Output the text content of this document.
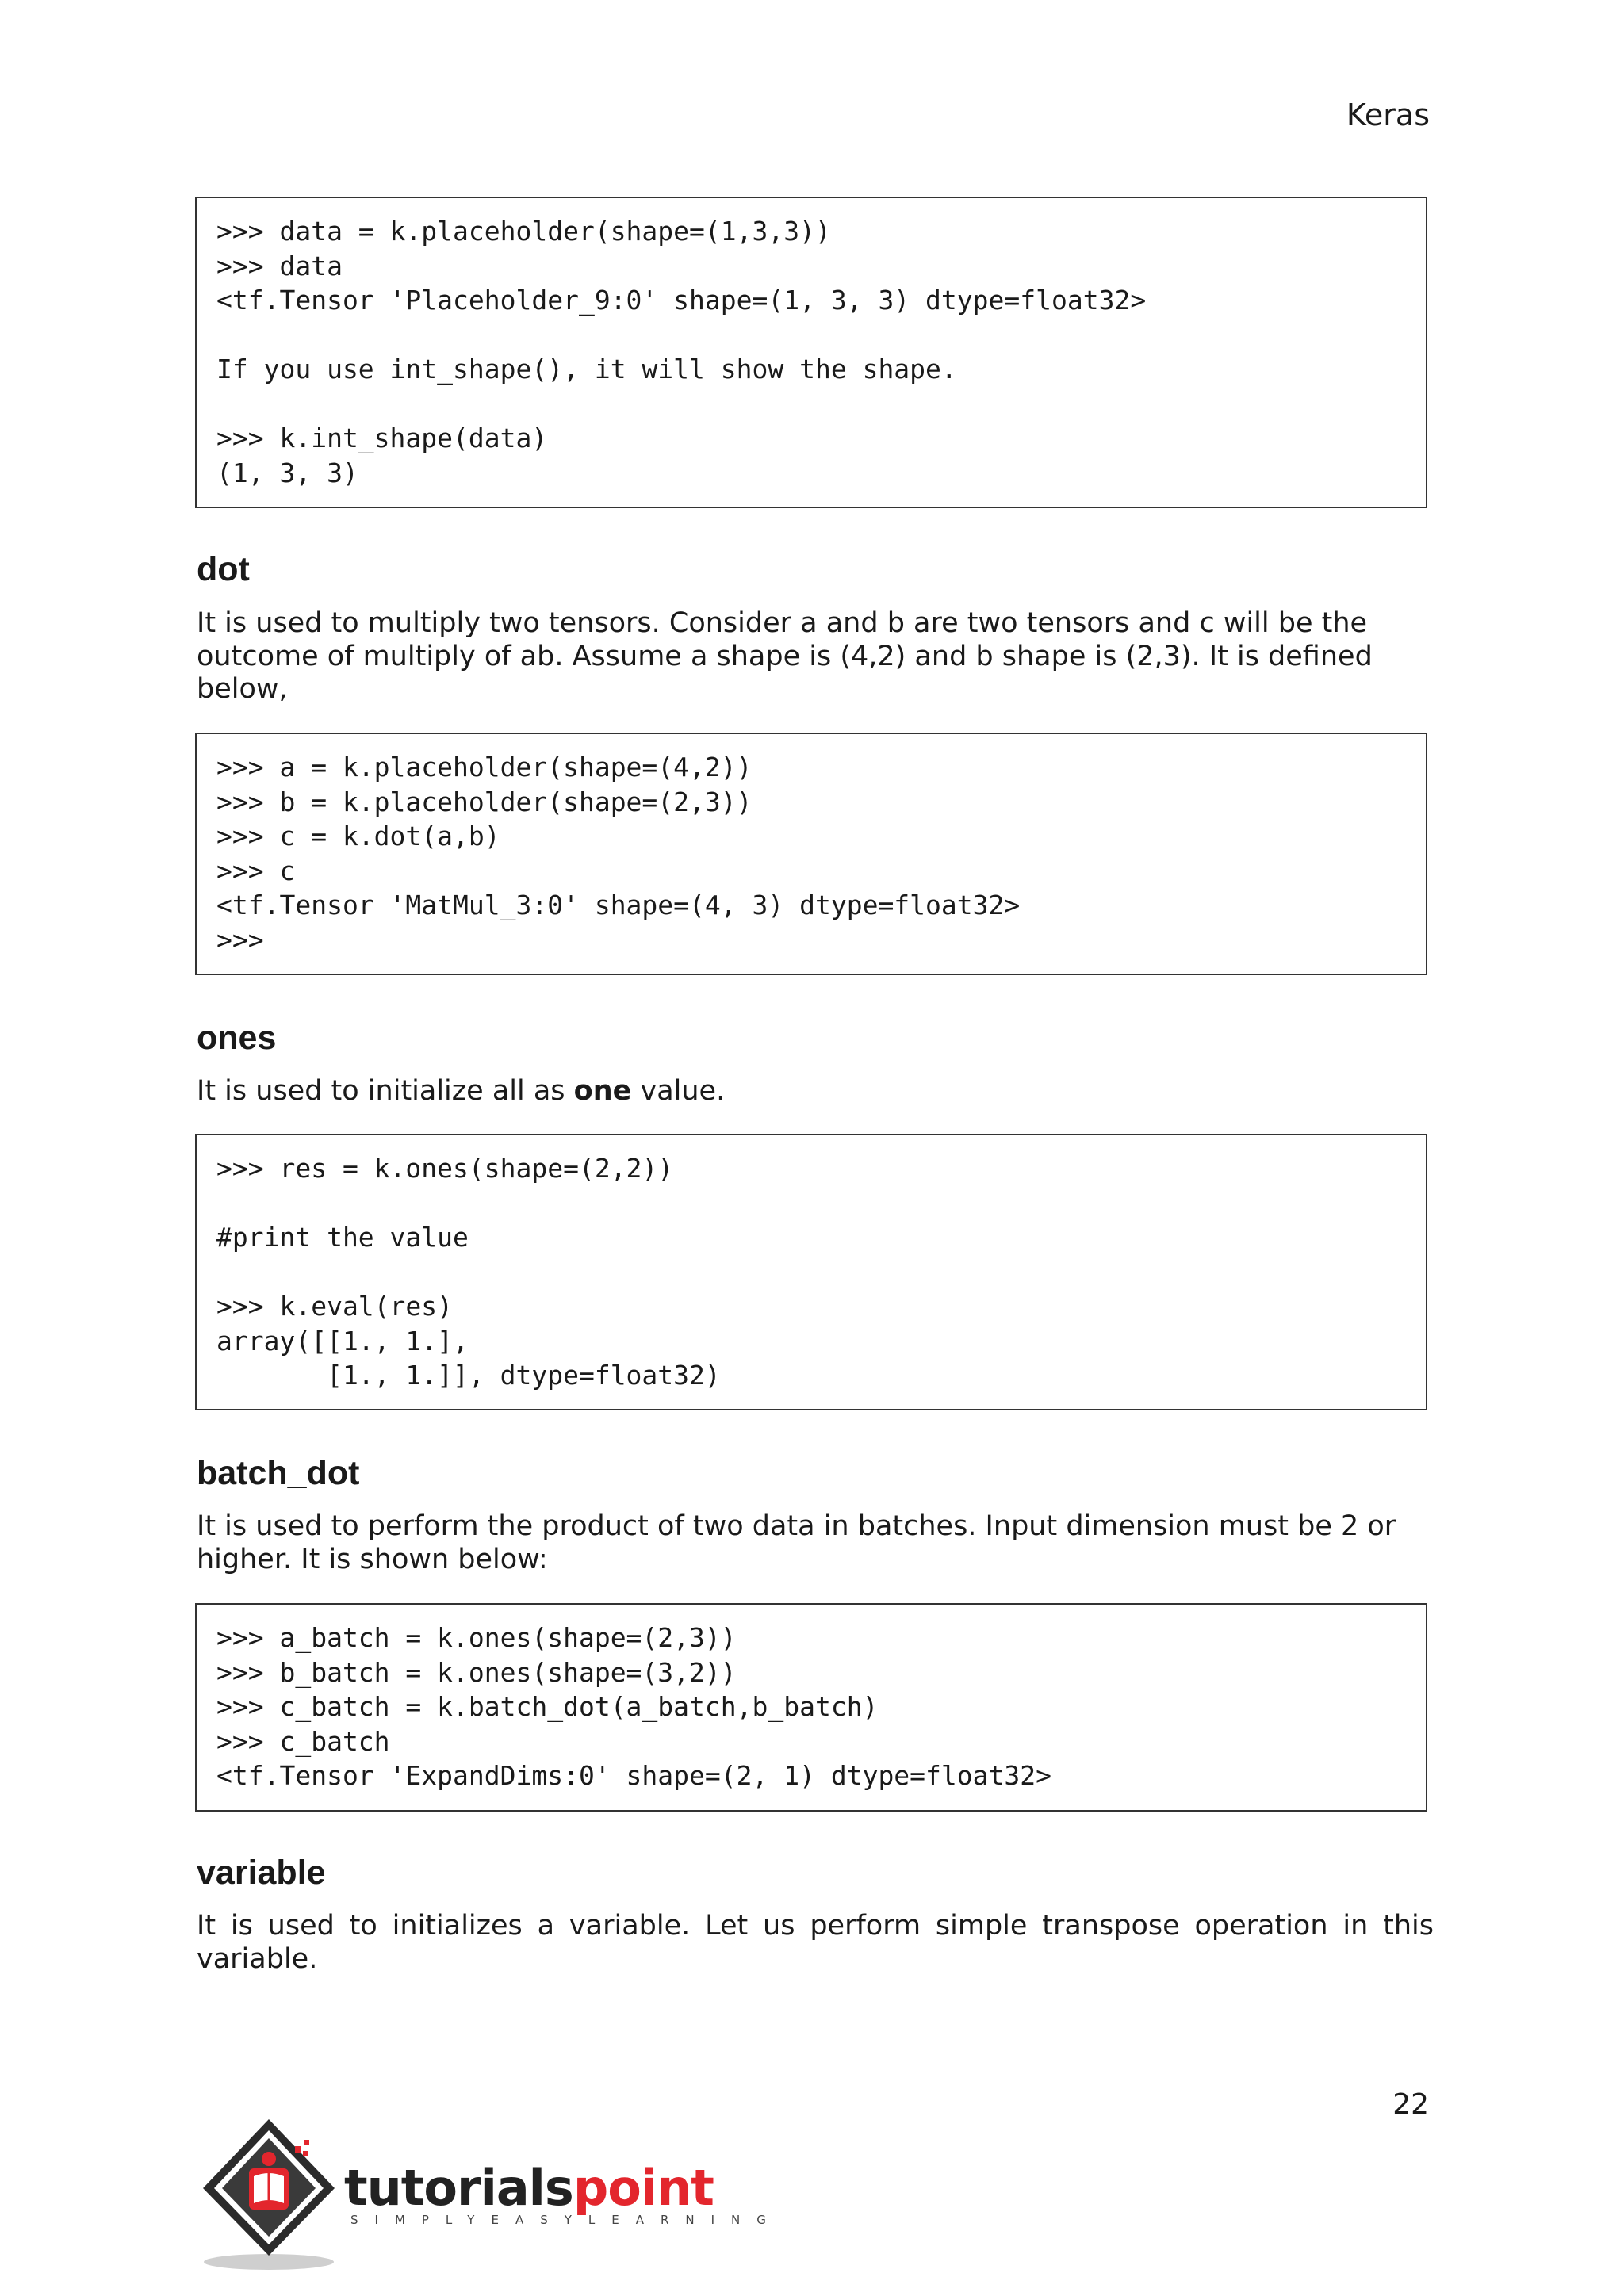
Keras
>>> data = k.placeholder(shape=(1,3,3))
>>> data
<tf.Tensor 'Placeholder_9:0' shape=(1, 3, 3) dtype=float32>
If you use int_shape(), it will show the shape.
>>> k.int_shape(data)
(1, 3, 3)
dot
It is used to multiply two tensors. Consider a and b are two tensors and c will be the outcome of multiply of ab. Assume a shape is (4,2) and b shape is (2,3). It is defined below,
>>> a = k.placeholder(shape=(4,2))
>>> b = k.placeholder(shape=(2,3))
>>> c = k.dot(a,b)
>>> c
<tf.Tensor 'MatMul_3:0' shape=(4, 3) dtype=float32>
>>>
ones
It is used to initialize all as one value.
>>> res = k.ones(shape=(2,2))
#print the value
>>> k.eval(res)
array([[1., 1.],
[1., 1.]], dtype=float32)
batch_dot
It is used to perform the product of two data in batches. Input dimension must be 2 or higher. It is shown below:
>>> a_batch = k.ones(shape=(2,3))
>>> b_batch = k.ones(shape=(3,2))
>>> c_batch = k.batch_dot(a_batch,b_batch)
>>> c_batch
<tf.Tensor 'ExpandDims:0' shape=(2, 1) dtype=float32>
variable
It is used to initializes a variable. Let us perform simple transpose operation in this variable.
22
tutorialspoint
SIMPLYEASYLEARNING
